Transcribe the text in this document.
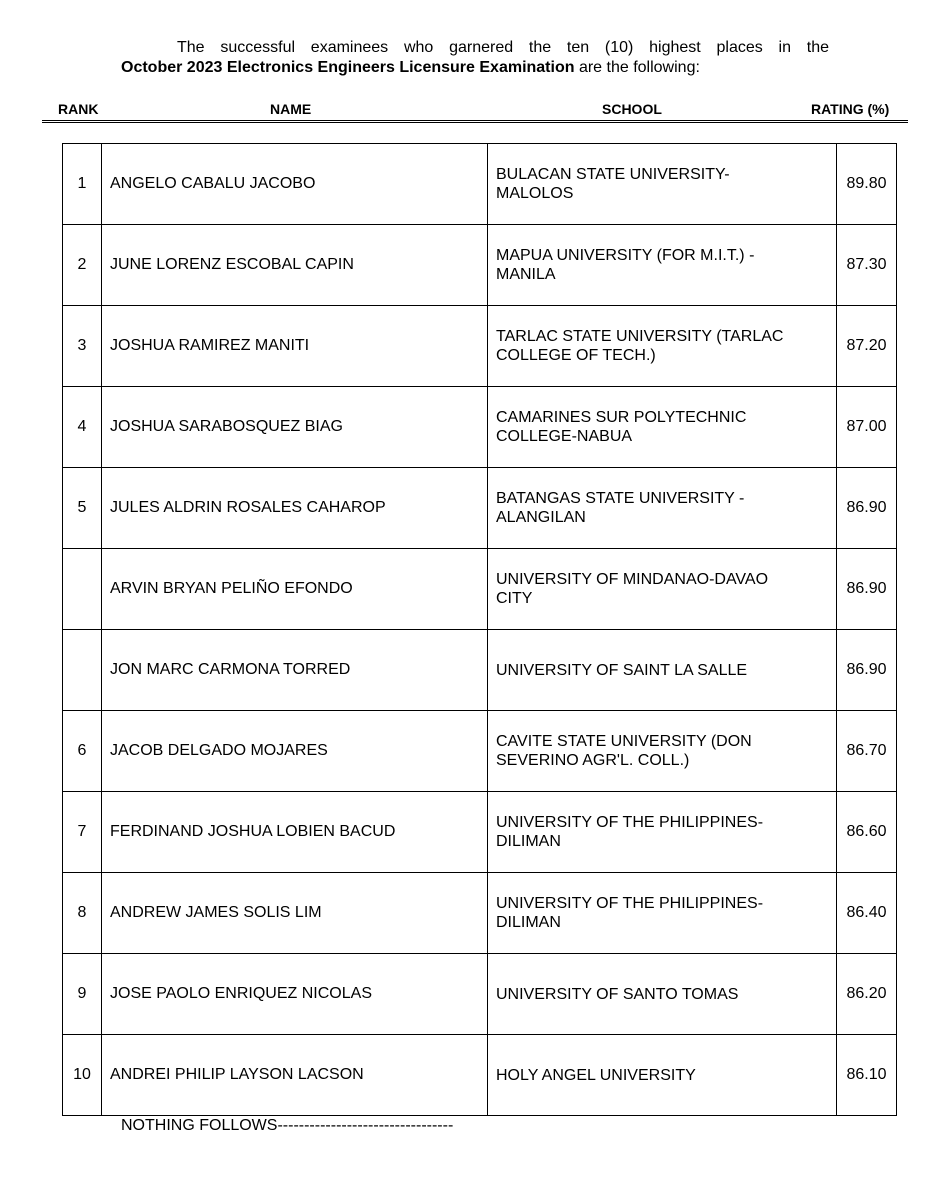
The successful examinees who garnered the ten (10) highest places in the
October 2023 Electronics Engineers Licensure Examination are the following:
RANK	NAME	SCHOOL	RATING (%)
1	ANGELO CABALU JACOBO	BULACAN STATE UNIVERSITY-
MALOLOS	89.80
2	JUNE LORENZ ESCOBAL CAPIN	MAPUA UNIVERSITY (FOR M.I.T.) -
MANILA	87.30
3	JOSHUA RAMIREZ MANITI	TARLAC STATE UNIVERSITY (TARLAC
COLLEGE OF TECH.)	87.20
4	JOSHUA SARABOSQUEZ BIAG	CAMARINES SUR POLYTECHNIC
COLLEGE-NABUA	87.00
5	JULES ALDRIN ROSALES CAHAROP	BATANGAS STATE UNIVERSITY -
ALANGILAN	86.90
	ARVIN BRYAN PELIÑO EFONDO	UNIVERSITY OF MINDANAO-DAVAO
CITY	86.90
	JON MARC CARMONA TORRED	UNIVERSITY OF SAINT LA SALLE	86.90
6	JACOB DELGADO MOJARES	CAVITE STATE UNIVERSITY (DON
SEVERINO AGR'L. COLL.)	86.70
7	FERDINAND JOSHUA LOBIEN BACUD	UNIVERSITY OF THE PHILIPPINES-
DILIMAN	86.60
8	ANDREW JAMES SOLIS LIM	UNIVERSITY OF THE PHILIPPINES-
DILIMAN	86.40
9	JOSE PAOLO ENRIQUEZ NICOLAS	UNIVERSITY OF SANTO TOMAS	86.20
10	ANDREI PHILIP LAYSON LACSON	HOLY ANGEL UNIVERSITY	86.10
NOTHING FOLLOWS---------------------------------
